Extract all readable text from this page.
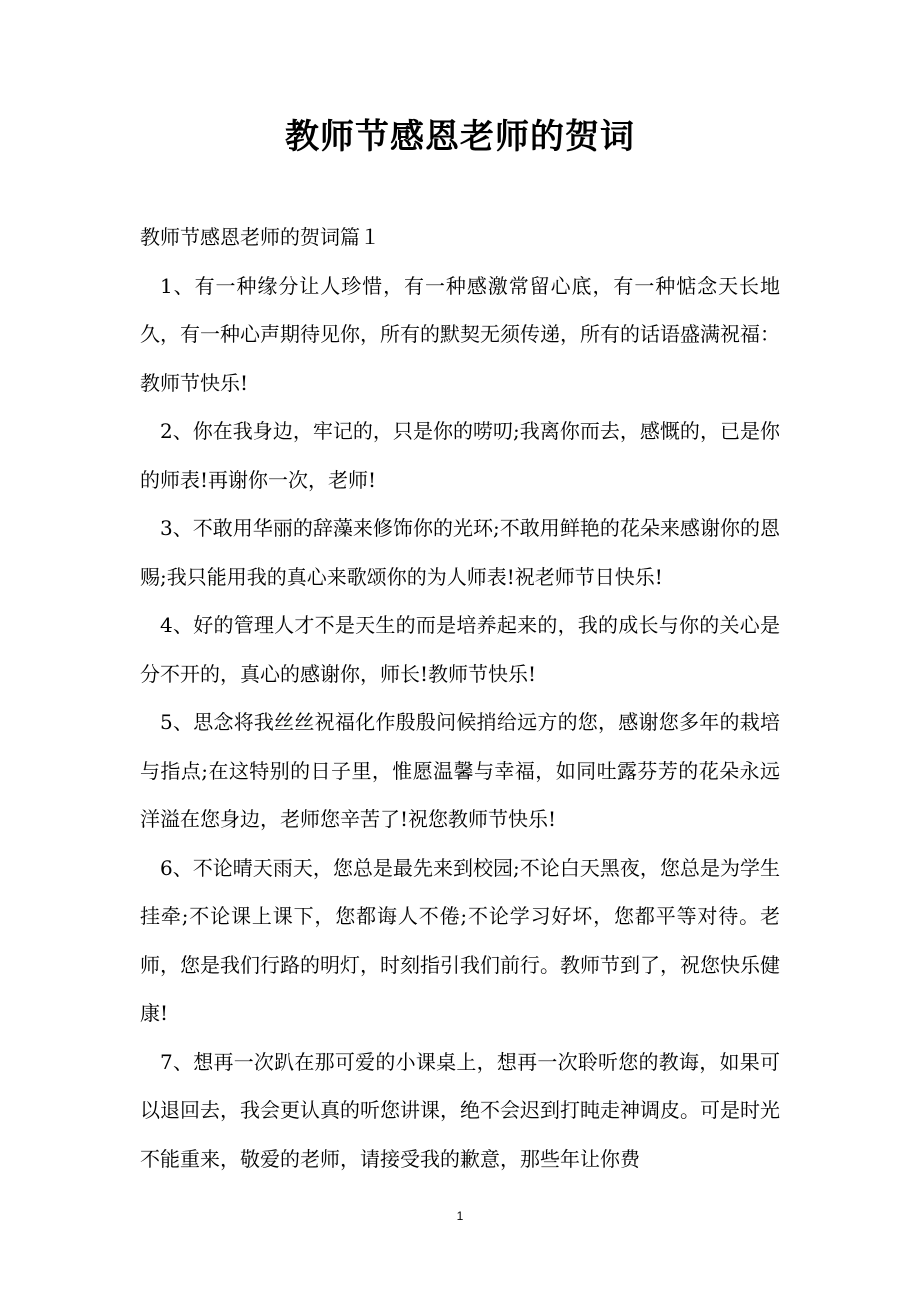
教师节感恩老师的贺词

教师节感恩老师的贺词篇１

1、有一种缘分让人珍惜，有一种感激常留心底，有一种惦念天长地久，有一种心声期待见你，所有的默契无须传递，所有的话语盛满祝福：教师节快乐!

2、你在我身边，牢记的，只是你的唠叨;我离你而去，感慨的，已是你的师表!再谢你一次，老师!

3、不敢用华丽的辞藻来修饰你的光环;不敢用鲜艳的花朵来感谢你的恩赐;我只能用我的真心来歌颂你的为人师表!祝老师节日快乐!

4、好的管理人才不是天生的而是培养起来的，我的成长与你的关心是分不开的，真心的感谢你，师长!教师节快乐!

5、思念将我丝丝祝福化作殷殷问候捎给远方的您，感谢您多年的栽培与指点;在这特别的日子里，惟愿温馨与幸福，如同吐露芬芳的花朵永远洋溢在您身边，老师您辛苦了!祝您教师节快乐!

6、不论晴天雨天，您总是最先来到校园;不论白天黑夜，您总是为学生挂牵;不论课上课下，您都诲人不倦;不论学习好坏，您都平等对待。老师，您是我们行路的明灯，时刻指引我们前行。教师节到了，祝您快乐健康!

7、想再一次趴在那可爱的小课桌上，想再一次聆听您的教诲，如果可以退回去，我会更认真的听您讲课，绝不会迟到打盹走神调皮。可是时光不能重来，敬爱的老师，请接受我的歉意，那些年让你费

1
